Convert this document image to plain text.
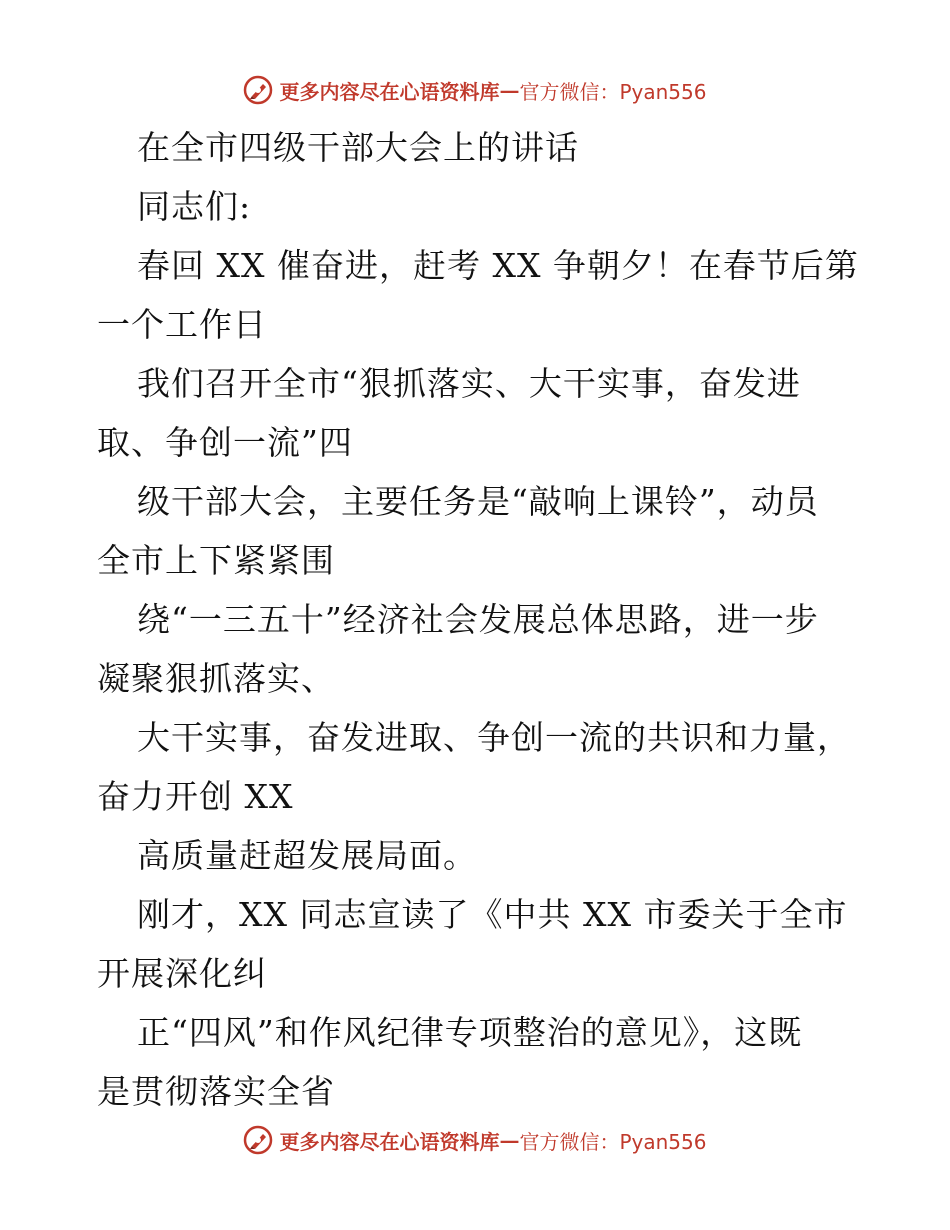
更多内容尽在心语资料库 — 官方微信：Pyan556
在全市四级干部大会上的讲话
同志们:
春回 XX 催奋进，赶考 XX 争朝夕！在春节后第
一个工作日
我们召开全市“狠抓落实、大干实事，奋发进
取、争创一流”四
级干部大会，主要任务是“敲响上课铃”，动员
全市上下紧紧围
绕“一三五十”经济社会发展总体思路，进一步
凝聚狠抓落实、
大干实事，奋发进取、争创一流的共识和力量，
奋力开创 XX
高质量赶超发展局面。
刚才，XX 同志宣读了《中共 XX 市委关于全市
开展深化纠
正“四风”和作风纪律专项整治的意见》，这既
是贯彻落实全省
更多内容尽在心语资料库 — 官方微信：Pyan556
